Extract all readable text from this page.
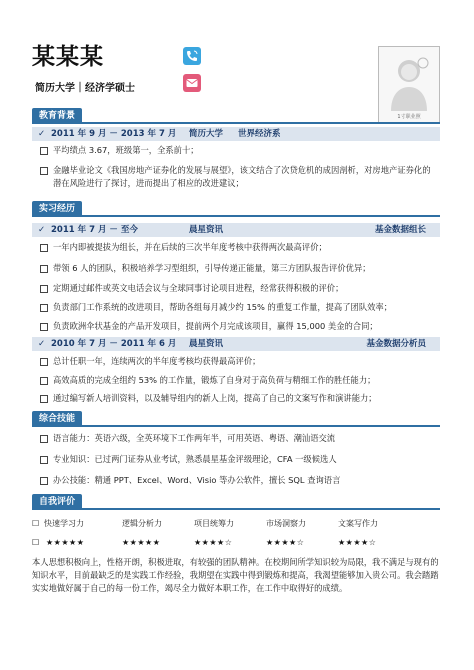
某某某
简历大学｜经济学硕士
1寸职业照
教育背景
✓ 2011 年 9 月 － 2013 年 7 月 简历大学 世界经济系
平均绩点 3.67，班级第一，全系前十；
金融毕业论文《我国房地产证券化的发展与展望》，该文结合了次贷危机的成因剖析，对房地产证券化的潜在风险进行了探讨，进而提出了相应的改进建议；
实习经历
✓ 2011 年 7 月 － 至今	晨星资讯	基金数据组长
一年内即被提拔为组长，并在后续的三次半年度考核中获得两次最高评价；
带领 6 人的团队，积极培养学习型组织，引导传递正能量，第三方团队报告评价优异；
定期通过邮件或英文电话会议与全球同事讨论项目进程，经常获得积极的评价；
负责部门工作系统的改进项目，帮助各组每月减少约 15% 的重复工作量，提高了团队效率；
负责欧洲伞状基金的产品开发项目，提前两个月完成该项目，赢得 15,000 美金的合同；
✓ 2010 年 7 月 － 2011 年 6 月 晨星资讯	基金数据分析员
总计任职一年，连续两次的半年度考核均获得最高评价；
高效高质的完成全组约 53% 的工作量，锻炼了自身对于高负荷与精细工作的胜任能力；
通过编写新人培训资料，以及辅导组内的新人上岗，提高了自己的文案写作和演讲能力；
综合技能
语言能力：英语六级，全英环境下工作两年半，可用英语、粤语、潮汕语交流
专业知识：已过两门证券从业考试，熟悉晨星基金评级理论，CFA 一级候选人
办公技能：精通 PPT、Excel、Word、Visio 等办公软件，擅长 SQL 查询语言
自我评价
☐ 快速学习力	逻辑分析力	项目统筹力	市场洞察力	文案写作力
☐ ★★★★★	★★★★★	★★★★☆	★★★★☆	★★★★☆
本人思想积极向上，性格开朗，积极进取，有较强的团队精神。在校期间所学知识较为局限，我不满足与现有的知识水平，目前最缺乏的是实践工作经验，我期望在实践中得到锻炼和提高，我渴望能够加入贵公司。我会踏踏实实地做好属于自己的每一份工作，竭尽全力做好本职工作，在工作中取得好的成绩。
